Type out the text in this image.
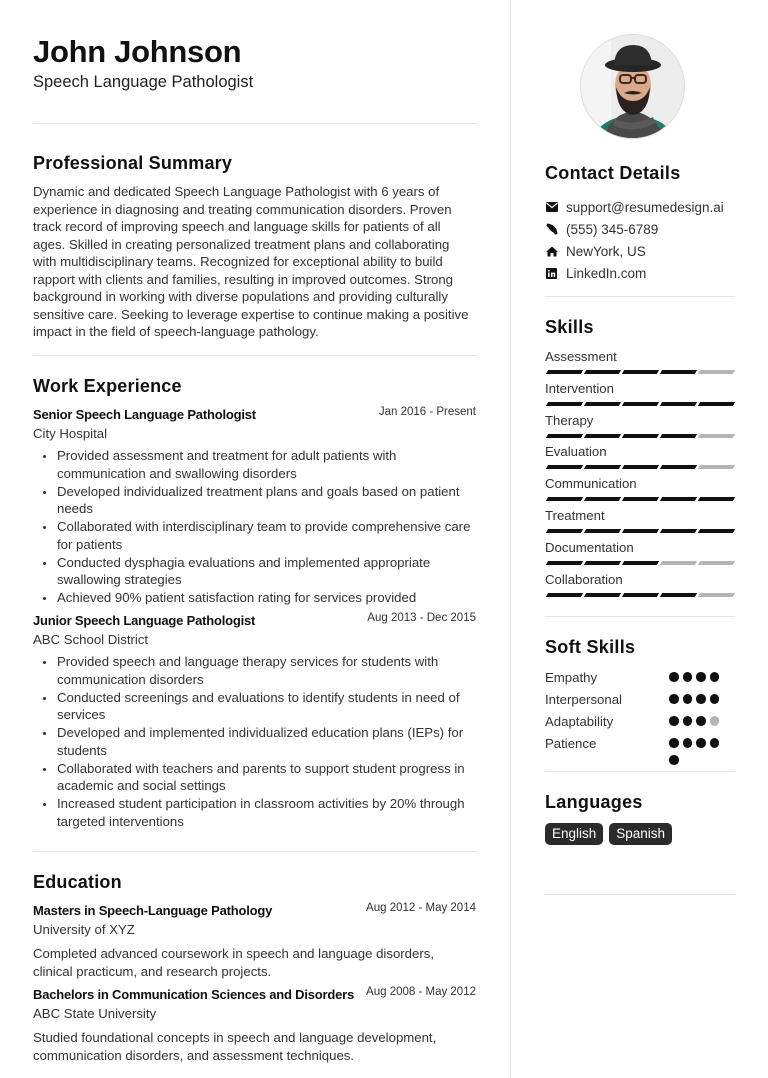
John Johnson
Speech Language Pathologist
Professional Summary
Dynamic and dedicated Speech Language Pathologist with 6 years of experience in diagnosing and treating communication disorders. Proven track record of improving speech and language skills for patients of all ages. Skilled in creating personalized treatment plans and collaborating with multidisciplinary teams. Recognized for exceptional ability to build rapport with clients and families, resulting in improved outcomes. Strong background in working with diverse populations and providing culturally sensitive care. Seeking to leverage expertise to continue making a positive impact in the field of speech-language pathology.
Work Experience
Senior Speech Language Pathologist	Jan 2016 - Present
City Hospital
Provided assessment and treatment for adult patients with communication and swallowing disorders
Developed individualized treatment plans and goals based on patient needs
Collaborated with interdisciplinary team to provide comprehensive care for patients
Conducted dysphagia evaluations and implemented appropriate swallowing strategies
Achieved 90% patient satisfaction rating for services provided
Junior Speech Language Pathologist	Aug 2013 - Dec 2015
ABC School District
Provided speech and language therapy services for students with communication disorders
Conducted screenings and evaluations to identify students in need of services
Developed and implemented individualized education plans (IEPs) for students
Collaborated with teachers and parents to support student progress in academic and social settings
Increased student participation in classroom activities by 20% through targeted interventions
Education
Masters in Speech-Language Pathology	Aug 2012 - May 2014
University of XYZ
Completed advanced coursework in speech and language disorders, clinical practicum, and research projects.
Bachelors in Communication Sciences and Disorders Aug 2008 - May 2012
ABC State University
Studied foundational concepts in speech and language development, communication disorders, and assessment techniques.
Contact Details
support@resumedesign.ai
(555) 345-6789
NewYork, US
LinkedIn.com
Skills
Assessment
Intervention
Therapy
Evaluation
Communication
Treatment
Documentation
Collaboration
Soft Skills
Empathy
Interpersonal
Adaptability
Patience
Languages
English	Spanish
